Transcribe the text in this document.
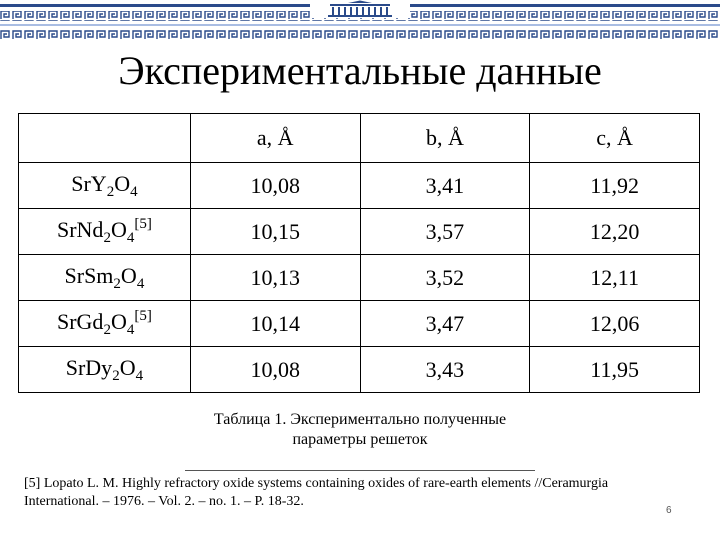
Экспериментальные данные
	a, Å	b, Å	c, Å
$SrY_2O_4$	10,08	3,41	11,92
$SrNd_2O_4[5]$	10,15	3,57	12,20
$SrSm_2O_4$	10,13	3,52	12,11
$SrGd_2O_4[5]$	10,14	3,47	12,06
$SrDy_2O_4$	10,08	3,43	11,95
Таблица 1. Экспериментально полученные
параметры решеток
[5] Lopato L. M. Highly refractory oxide systems containing oxides of rare-earth elements //Ceramurgia
International. – 1976. – Vol. 2. – no. 1. – P. 18-32.
6
